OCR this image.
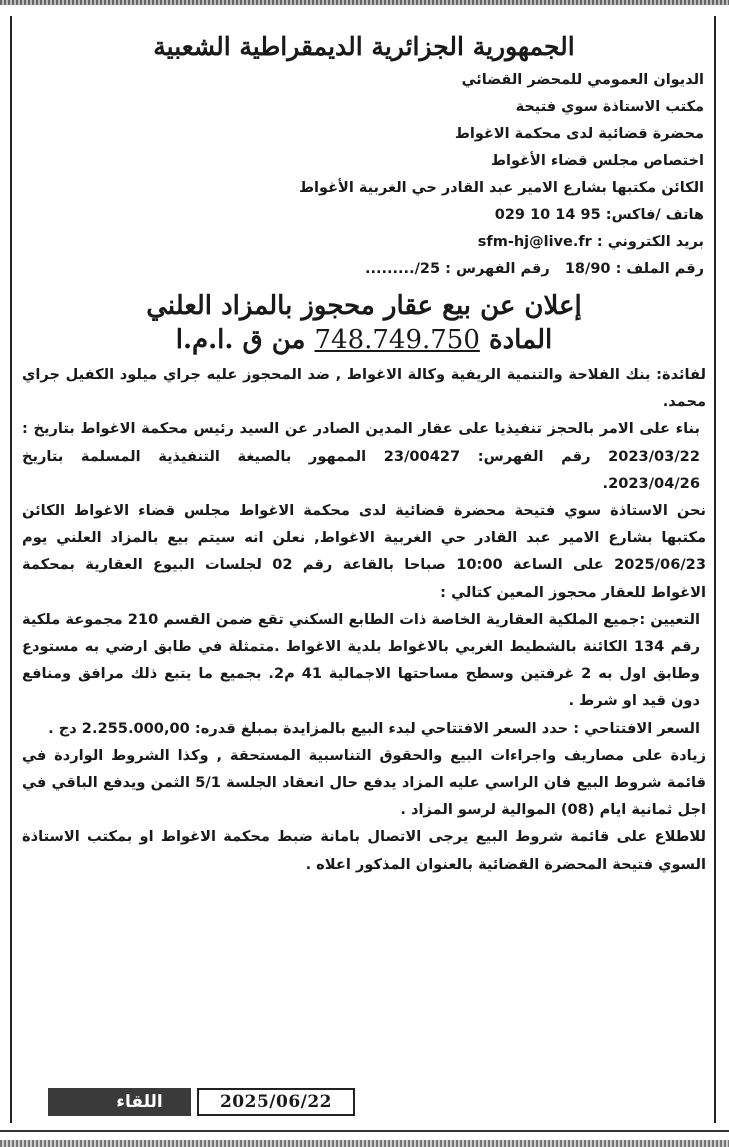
الجمهورية الجزائرية الديمقراطية الشعبية
الديوان العمومي للمحضر القضائي
مكتب الاستاذة سوي فتيحة
محضرة قضائية لدى محكمة الاغواط
اختصاص مجلس قضاء الأغواط
الكائن مكتبها بشارع الامير عبد القادر حي الغربية الأغواط
هاتف /فاكس: 029 10 14 95
بريد الكتروني : sfm-hj@live.fr
رقم الملف : 18/90   رقم الفهرس : ........./25
إعلان عن بيع عقار محجوز بالمزاد العلني
المادة 748.749.750 من ق .ا.م.ا

لفائدة: بنك الفلاحة والتنمية الريفية وكالة الاغواط , ضد المحجوز عليه جراي ميلود الكفيل جراي محمد.

بناء على الامر بالحجز تنفيذيا على عقار المدين الصادر عن السيد رئيس محكمة الاغواط بتاريخ : 2023/03/22 رقم الفهرس: 23/00427 الممهور بالصيغة التنفيذية المسلمة بتاريخ 2023/04/26.

نحن الاستاذة سوي فتيحة محضرة قضائية لدى محكمة الاغواط مجلس قضاء الاغواط الكائن مكتبها بشارع الامير عبد القادر حي الغربية الاغواط, نعلن انه سيتم بيع بالمزاد العلني يوم 2025/06/23 على الساعة 10:00 صباحا بالقاعة رقم 02 لجلسات البيوع العقارية بمحكمة الاغواط للعقار محجوز المعين كتالي :

التعيين :جميع الملكية العقارية الخاصة ذات الطابع السكني تقع ضمن القسم 210 مجموعة ملكية رقم 134 الكائنة بالشطيط الغربي بالاغواط بلدية الاغواط .متمثلة في طابق ارضي به مستودع وطابق اول به 2 غرفتين وسطح مساحتها الاجمالية 41 م2. بجميع ما يتبع ذلك مرافق ومنافع دون قيد او شرط .

السعر الافتتاحي : حدد السعر الافتتاحي لبدء البيع بالمزايدة بمبلغ قدره: 2.255.000,00 دج .

زيادة على مصاريف واجراءات البيع والحقوق التناسبية المستحقة , وكذا الشروط الواردة في قائمة شروط البيع فان الراسي عليه المزاد يدفع حال انعقاد الجلسة 5/1 الثمن ويدفع الباقي في اجل ثمانية ايام (08) الموالية لرسو المزاد .

للاطلاع على قائمة شروط البيع يرجى الاتصال بامانة ضبط محكمة الاغواط او بمكتب الاستاذة السوي فتيحة المحضرة القضائية بالعنوان المذكور اعلاه .

اللقاء	2025/06/22
